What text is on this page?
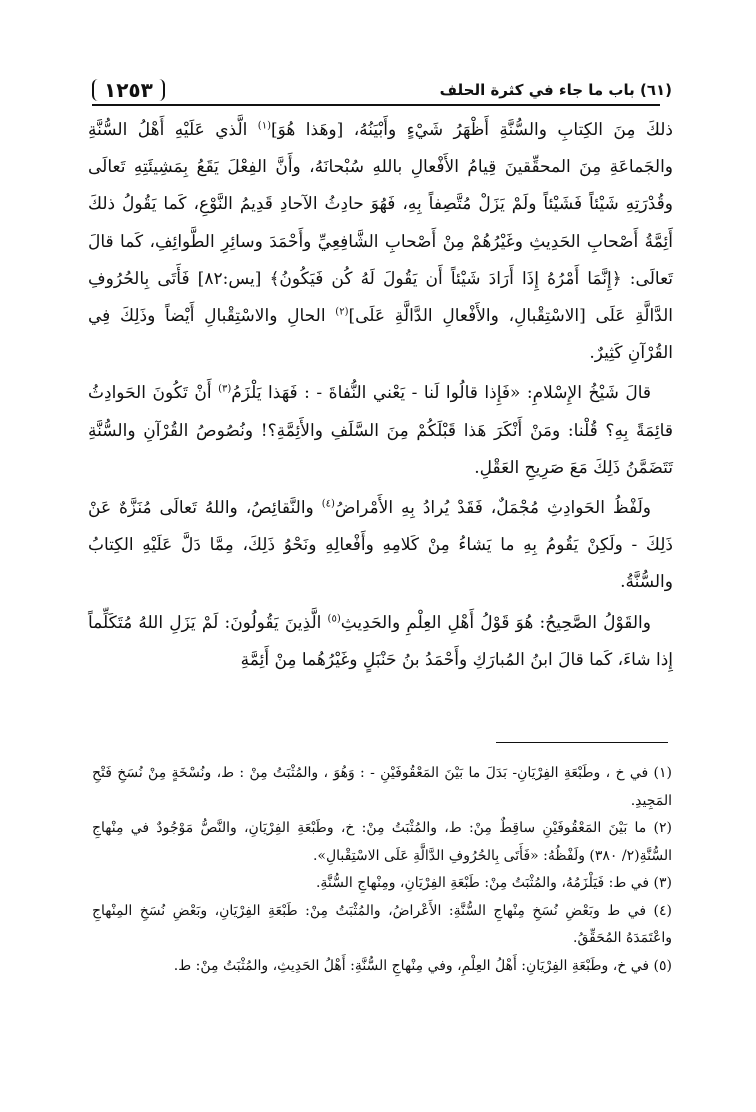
(٦١) باب ما جاء في كثرة الحلف
١٢٥٣

ذلكَ مِنَ الكِتابِ والسُّنَّةِ أَظْهَرُ شَيْءٍ وأَبْيَنُهُ، [وهَذا هُوَ]$^{(١)}$ الَّذي عَلَيْهِ أَهْلُ السُّنَّةِ والجَماعَةِ مِنَ المحقِّقينَ قِيامُ الأَفْعالِ باللهِ سُبْحانَهُ، وأَنَّ الفِعْلَ يَقَعُ بِمَشِيئَتِهِ تَعالَى وقُدْرَتِهِ شَيْئاً فَشَيْئاً ولَمْ يَزَلْ مُتَّصِفاً بِهِ، فَهُوَ حادِثُ الآحادِ قَدِيمُ النَّوْعِ، كَما يَقُولُ ذلكَ أَئِمَّةُ أَصْحابِ الحَدِيثِ وغَيْرُهُمْ مِنْ أَصْحابِ الشَّافِعِيِّ وأَحْمَدَ وسائِرِ الطَّوائِفِ، كَما قالَ تَعالَى: ﴿إِنَّمَا أَمْرُهُ إِذَا أَرَادَ شَيْئاً أَن يَقُولَ لَهُ كُن فَيَكُونُ﴾ [يس:٨٢] فَأَتَى بِالحُرُوفِ الدَّالَّةِ عَلَى [الاسْتِقْبالِ، والأَفْعالِ الدَّالَّةِ عَلَى]$^{(٢)}$ الحالِ والاسْتِقْبالِ أَيْضاً وذَلِكَ فِي القُرْآنِ كَثِيرٌ.

قالَ شَيْخُ الإِسْلامِ: «فَإِذا قالُوا لَنا - يَعْني النُّفاةَ - : فَهَذا يَلْزَمُ$^{(٣)}$ أَنْ تَكُونَ الحَوادِثُ قائِمَةً بِهِ؟ قُلْنا: ومَنْ أَنْكَرَ هَذا قَبْلَكُمْ مِنَ السَّلَفِ والأَئِمَّةِ؟! ونُصُوصُ القُرْآنِ والسُّنَّةِ تَتَضَمَّنُ ذَلِكَ مَعَ صَرِيحِ العَقْلِ.

ولَفْظُ الحَوادِثِ مُجْمَلٌ، فَقَدْ يُرادُ بِهِ الأَمْراضُ$^{(٤)}$ والنَّقائِصُ، واللهُ تَعالَى مُنَزَّهٌ عَنْ ذَلِكَ - ولَكِنْ يَقُومُ بِهِ ما يَشاءُ مِنْ كَلامِهِ وأَفْعالِهِ ونَحْوُ ذَلِكَ، مِمَّا دَلَّ عَلَيْهِ الكِتابُ والسُّنَّةُ.

والقَوْلُ الصَّحِيحُ: هُوَ قَوْلُ أَهْلِ العِلْمِ والحَدِيثِ$^{(٥)}$ الَّذِينَ يَقُولُونَ: لَمْ يَزَلِ اللهُ مُتَكَلِّماً إِذا شاءَ، كَما قالَ ابنُ المُبارَكِ وأَحْمَدُ بنُ حَنْبَلٍ وغَيْرُهُما مِنْ أَئِمَّةِ

(١) في خ ، وطَبْعَةِ الفِرْيَانِ- بَدَلَ ما بَيْنَ المَعْقُوفَيْنِ - : وَهُوَ ، والمُثْبَتُ مِنْ : ط، ونُسْخَةٍ مِنْ نُسَخِ فَتْحِ المَجِيدِ.

(٢) ما بَيْنَ المَعْقُوفَيْنِ ساقِطٌ مِنْ: ط، والمُثْبَتُ مِنْ: خ، وطَبْعَةِ الفِرْيَانِ، والنَّصُّ مَوْجُودٌ في مِنْهاجِ السُّنَّةِ(٢/ ٣٨٠) ولَفْظُهُ: «فَأَتَى بِالحُرُوفِ الدَّالَّةِ عَلَى الاسْتِقْبالِ».

(٣) في ط: فَيَلْزَمُهُ، والمُثْبَتُ مِنْ: طَبْعَةِ الفِرْيَانِ، ومِنْهاجِ السُّنَّةِ.

(٤) في ط وبَعْضِ نُسَخِ مِنْهاجِ السُّنَّةِ: الأَعْراضُ، والمُثْبَتُ مِنْ: طَبْعَةِ الفِرْيَانِ، وبَعْضِ نُسَخِ المِنْهاجِ واعْتَمَدَهُ المُحَقِّقُ.

(٥) في خ، وطَبْعَةِ الفِرْيَانِ: أَهْلُ العِلْمِ، وفي مِنْهاجِ السُّنَّةِ: أَهْلُ الحَدِيثِ، والمُثْبَتُ مِنْ: ط.
